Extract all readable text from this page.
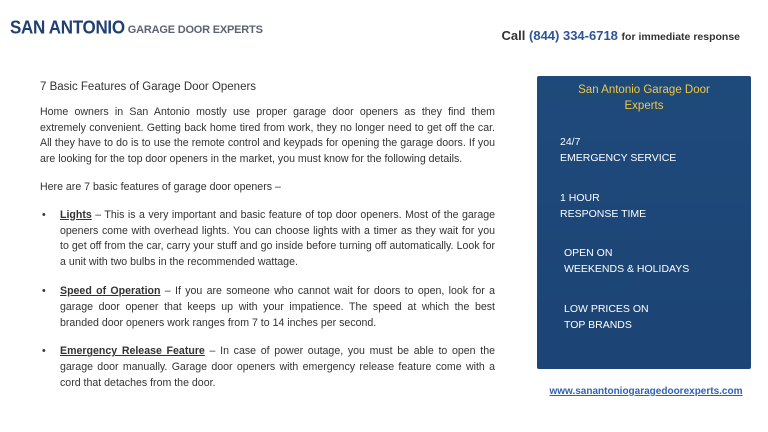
SAN ANTONIO GARAGE DOOR EXPERTS	Call (844) 334-6718 for immediate response
7 Basic Features of Garage Door Openers

Home owners in San Antonio mostly use proper garage door openers as they find them extremely convenient. Getting back home tired from work, they no longer need to get off the car. All they have to do is to use the remote control and keypads for opening the garage doors. If you are looking for the top door openers in the market, you must know for the following details.

Here are 7 basic features of garage door openers –

• Lights – This is a very important and basic feature of top door openers. Most of the garage openers come with overhead lights. You can choose lights with a timer as they wait for you to get off from the car, carry your stuff and go inside before turning off automatically. Look for a unit with two bulbs in the recommended wattage.
• Speed of Operation – If you are someone who cannot wait for doors to open, look for a garage door opener that keeps up with your impatience. The speed at which the best branded door openers work ranges from 7 to 14 inches per second.
• Emergency Release Feature – In case of power outage, you must be able to open the garage door manually. Garage door openers with emergency release feature come with a cord that detaches from the door.
San Antonio Garage Door
Experts
24/7
EMERGENCY SERVICE
1 HOUR
RESPONSE TIME
OPEN ON
WEEKENDS & HOLIDAYS
LOW PRICES ON
TOP BRANDS
www.sanantoniogaragedoorexperts.com
